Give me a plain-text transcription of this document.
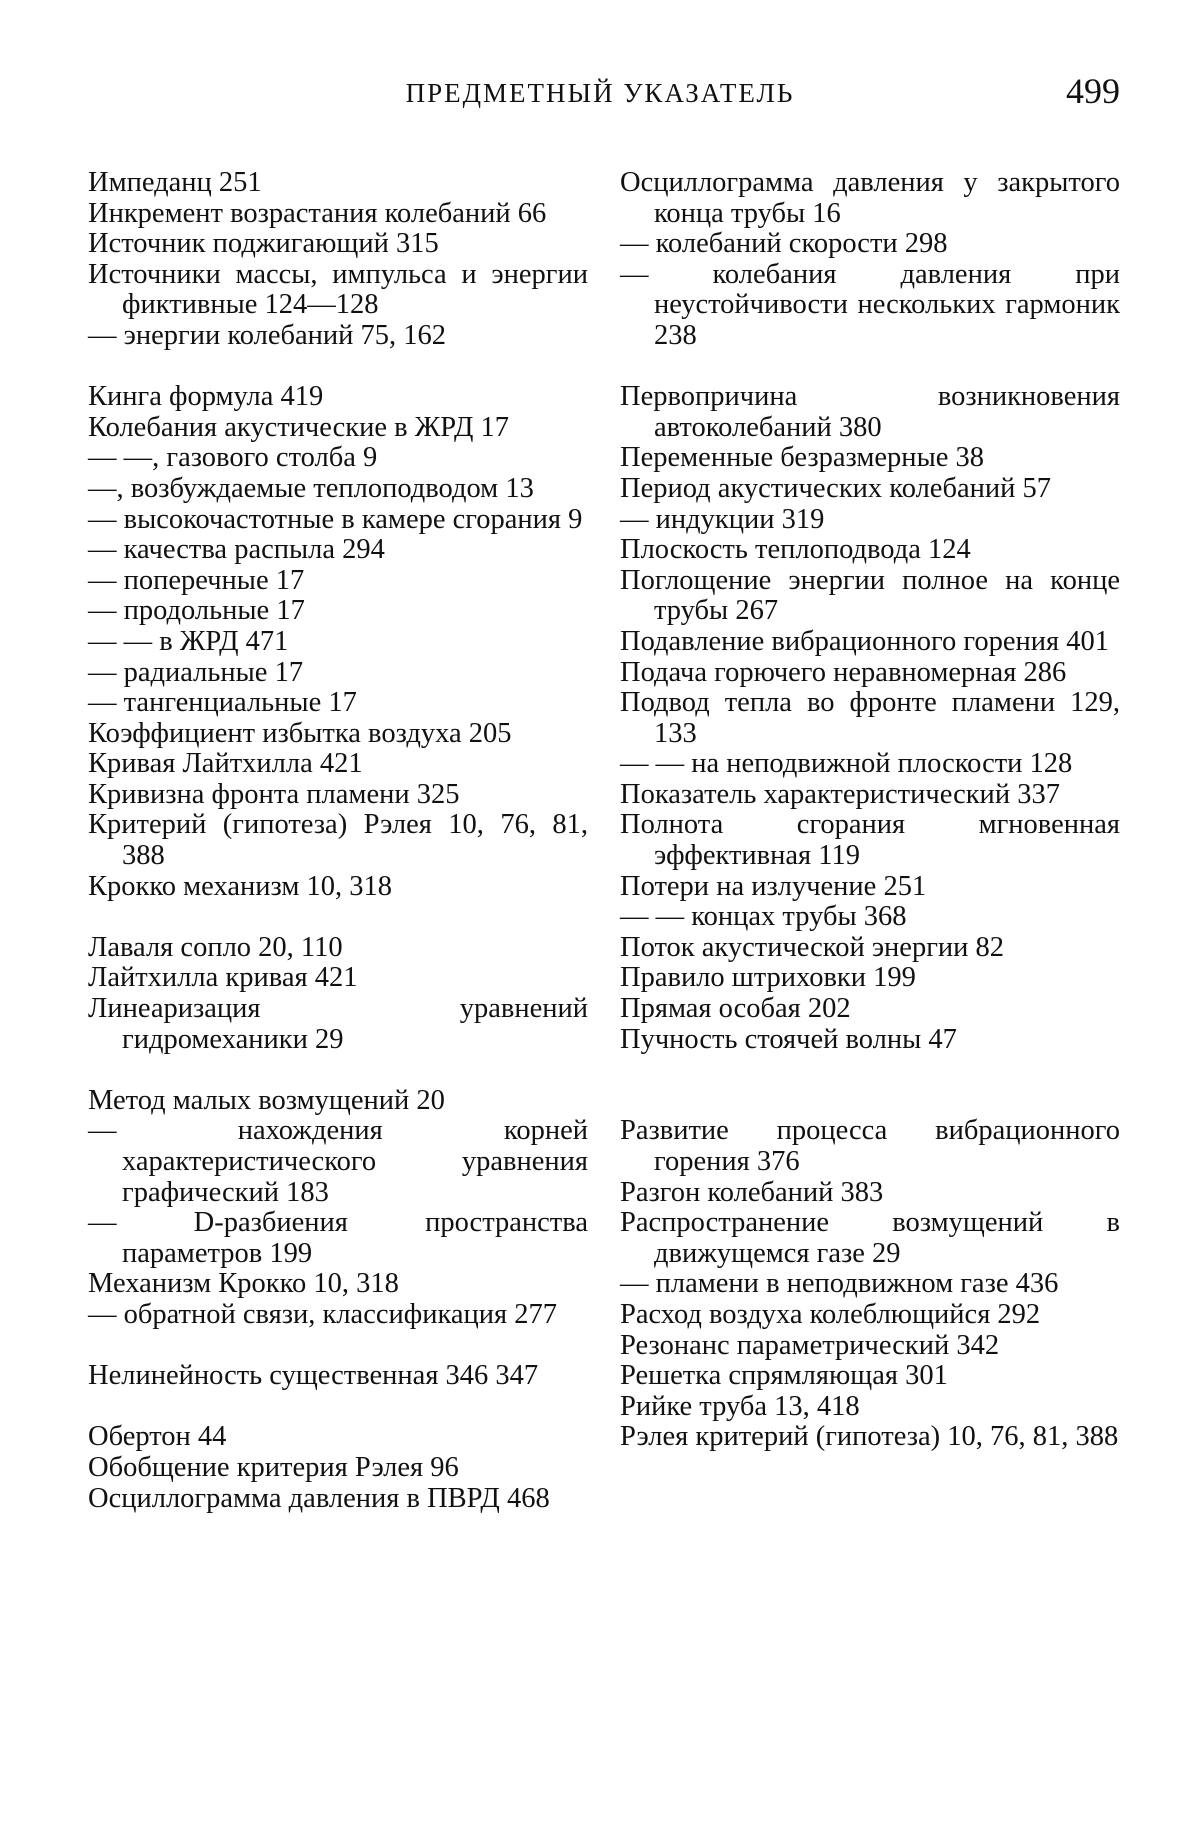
ПРЕДМЕТНЫЙ УКАЗАТЕЛЬ	499
Импеданц 251
Инкремент возрастания колебаний 66
Источник поджигающий 315
Источники массы, импульса и энергии фиктивные 124—128
— энергии колебаний 75, 162
Кинга формула 419
Колебания акустические в ЖРД 17
— —, газового столба 9
—, возбуждаемые теплоподводом 13
— высокочастотные в камере сгорания 9
— качества распыла 294
— поперечные 17
— продольные 17
— — в ЖРД 471
— радиальные 17
— тангенциальные 17
Коэффициент избытка воздуха 205
Кривая Лайтхилла 421
Кривизна фронта пламени 325
Критерий (гипотеза) Рэлея 10, 76, 81, 388
Крокко механизм 10, 318
Лаваля сопло 20, 110
Лайтхилла кривая 421
Линеаризация уравнений гидромеханики 29
Метод малых возмущений 20
— нахождения корней характеристического уравнения графический 183
— D-разбиения пространства параметров 199
Механизм Крокко 10, 318
— обратной связи, классификация 277
Нелинейность существенная 346 347
Обертон 44
Обобщение критерия Рэлея 96
Осциллограмма давления в ПВРД 468
Осциллограмма давления у закрытого конца трубы 16
— колебаний скорости 298
— колебания давления при неустойчивости нескольких гармоник 238
Первопричина возникновения автоколебаний 380
Переменные безразмерные 38
Период акустических колебаний 57
— индукции 319
Плоскость теплоподвода 124
Поглощение энергии полное на конце трубы 267
Подавление вибрационного горения 401
Подача горючего неравномерная 286
Подвод тепла во фронте пламени 129, 133
— — на неподвижной плоскости 128
Показатель характеристический 337
Полнота сгорания мгновенная эффективная 119
Потери на излучение 251
— — концах трубы 368
Поток акустической энергии 82
Правило штриховки 199
Прямая особая 202
Пучность стоячей волны 47
Развитие процесса вибрационного горения 376
Разгон колебаний 383
Распространение возмущений в движущемся газе 29
— пламени в неподвижном газе 436
Расход воздуха колеблющийся 292
Резонанс параметрический 342
Решетка спрямляющая 301
Рийке труба 13, 418
Рэлея критерий (гипотеза) 10, 76, 81, 388
